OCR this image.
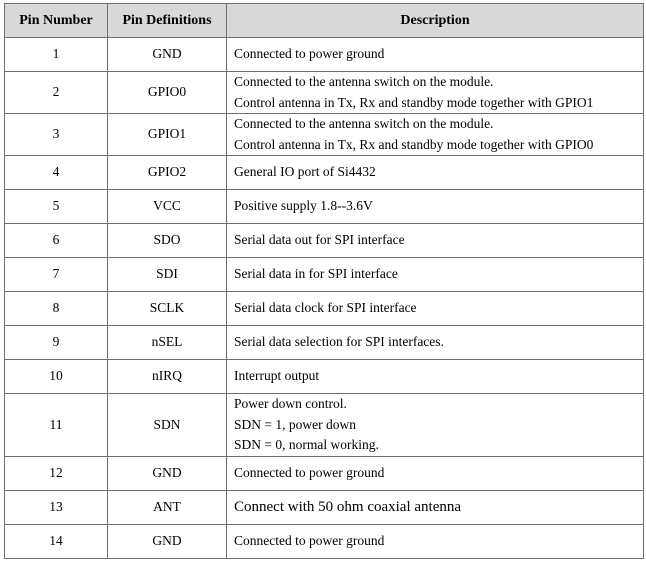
Pin Number	Pin Definitions	Description
1	GND	Connected to power ground

2	GPIO0	Connected to the antenna switch on the module.
Control antenna in Tx, Rx and standby mode together with GPIO1

3	GPIO1	Connected to the antenna switch on the module.
Control antenna in Tx, Rx and standby mode together with GPIO0

4	GPIO2	General IO port of Si4432

5	VCC	Positive supply 1.8--3.6V

6	SDO	Serial data out for SPI interface

7	SDI	Serial data in for SPI interface

8	SCLK	Serial data clock for SPI interface

9	nSEL	Serial data selection for SPI interfaces.

10	nIRQ	Interrupt output

11	SDN	Power down control.
SDN = 1, power down
SDN = 0, normal working.

12	GND	Connected to power ground

13	ANT	Connect with 50 ohm coaxial antenna

14	GND	Connected to power ground
